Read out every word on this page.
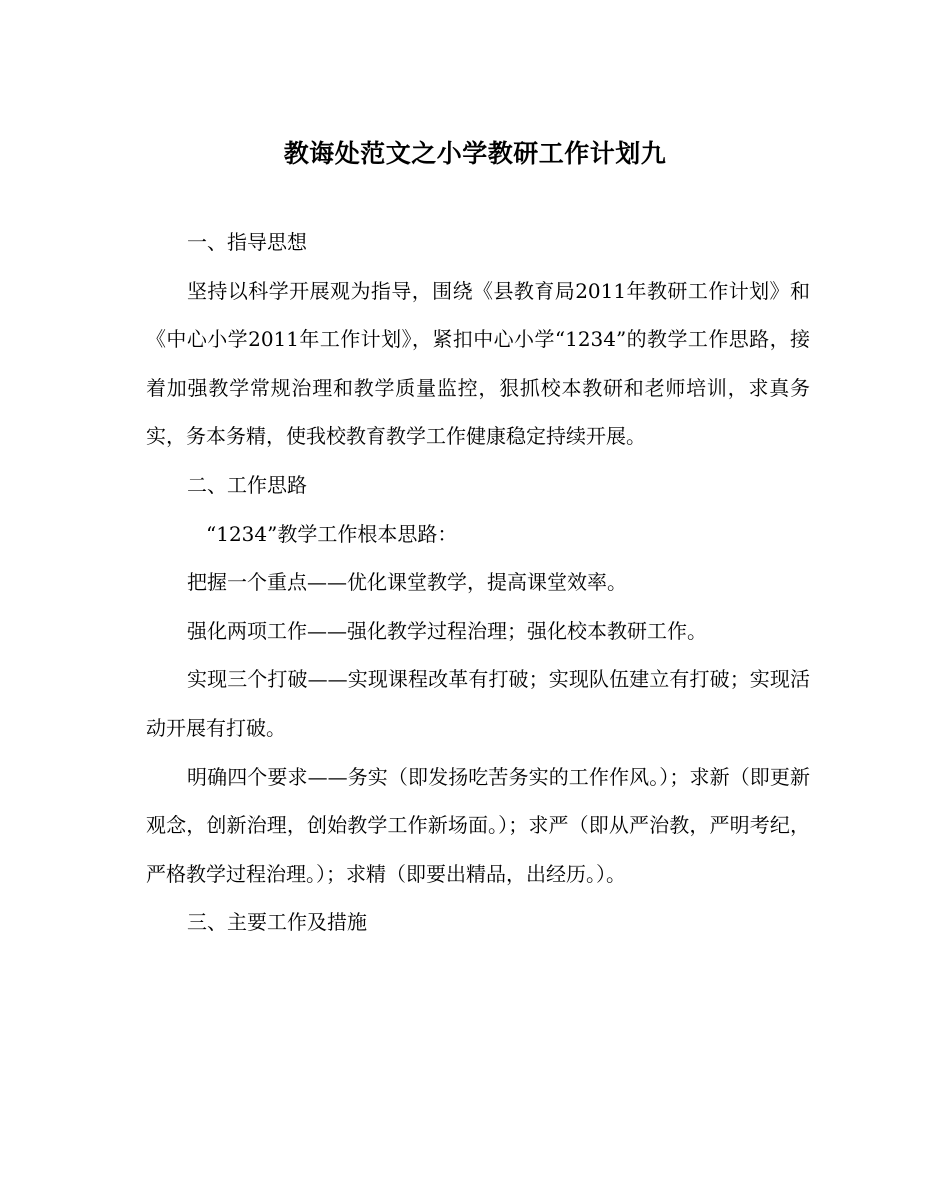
教诲处范文之小学教研工作计划九

一、指导思想

坚持以科学开展观为指导，围绕《县教育局2011年教研工作计划》和《中心小学2011年工作计划》，紧扣中心小学“1234”的教学工作思路，接着加强教学常规治理和教学质量监控，狠抓校本教研和老师培训，求真务实，务本务精，使我校教育教学工作健康稳定持续开展。

二、工作思路

“1234”教学工作根本思路：

把握一个重点——优化课堂教学，提高课堂效率。

强化两项工作——强化教学过程治理；强化校本教研工作。

实现三个打破——实现课程改革有打破；实现队伍建立有打破；实现活动开展有打破。

明确四个要求——务实（即发扬吃苦务实的工作作风。）；求新（即更新观念，创新治理，创始教学工作新场面。）；求严（即从严治教，严明考纪，严格教学过程治理。）；求精（即要出精品，出经历。）。

三、主要工作及措施
